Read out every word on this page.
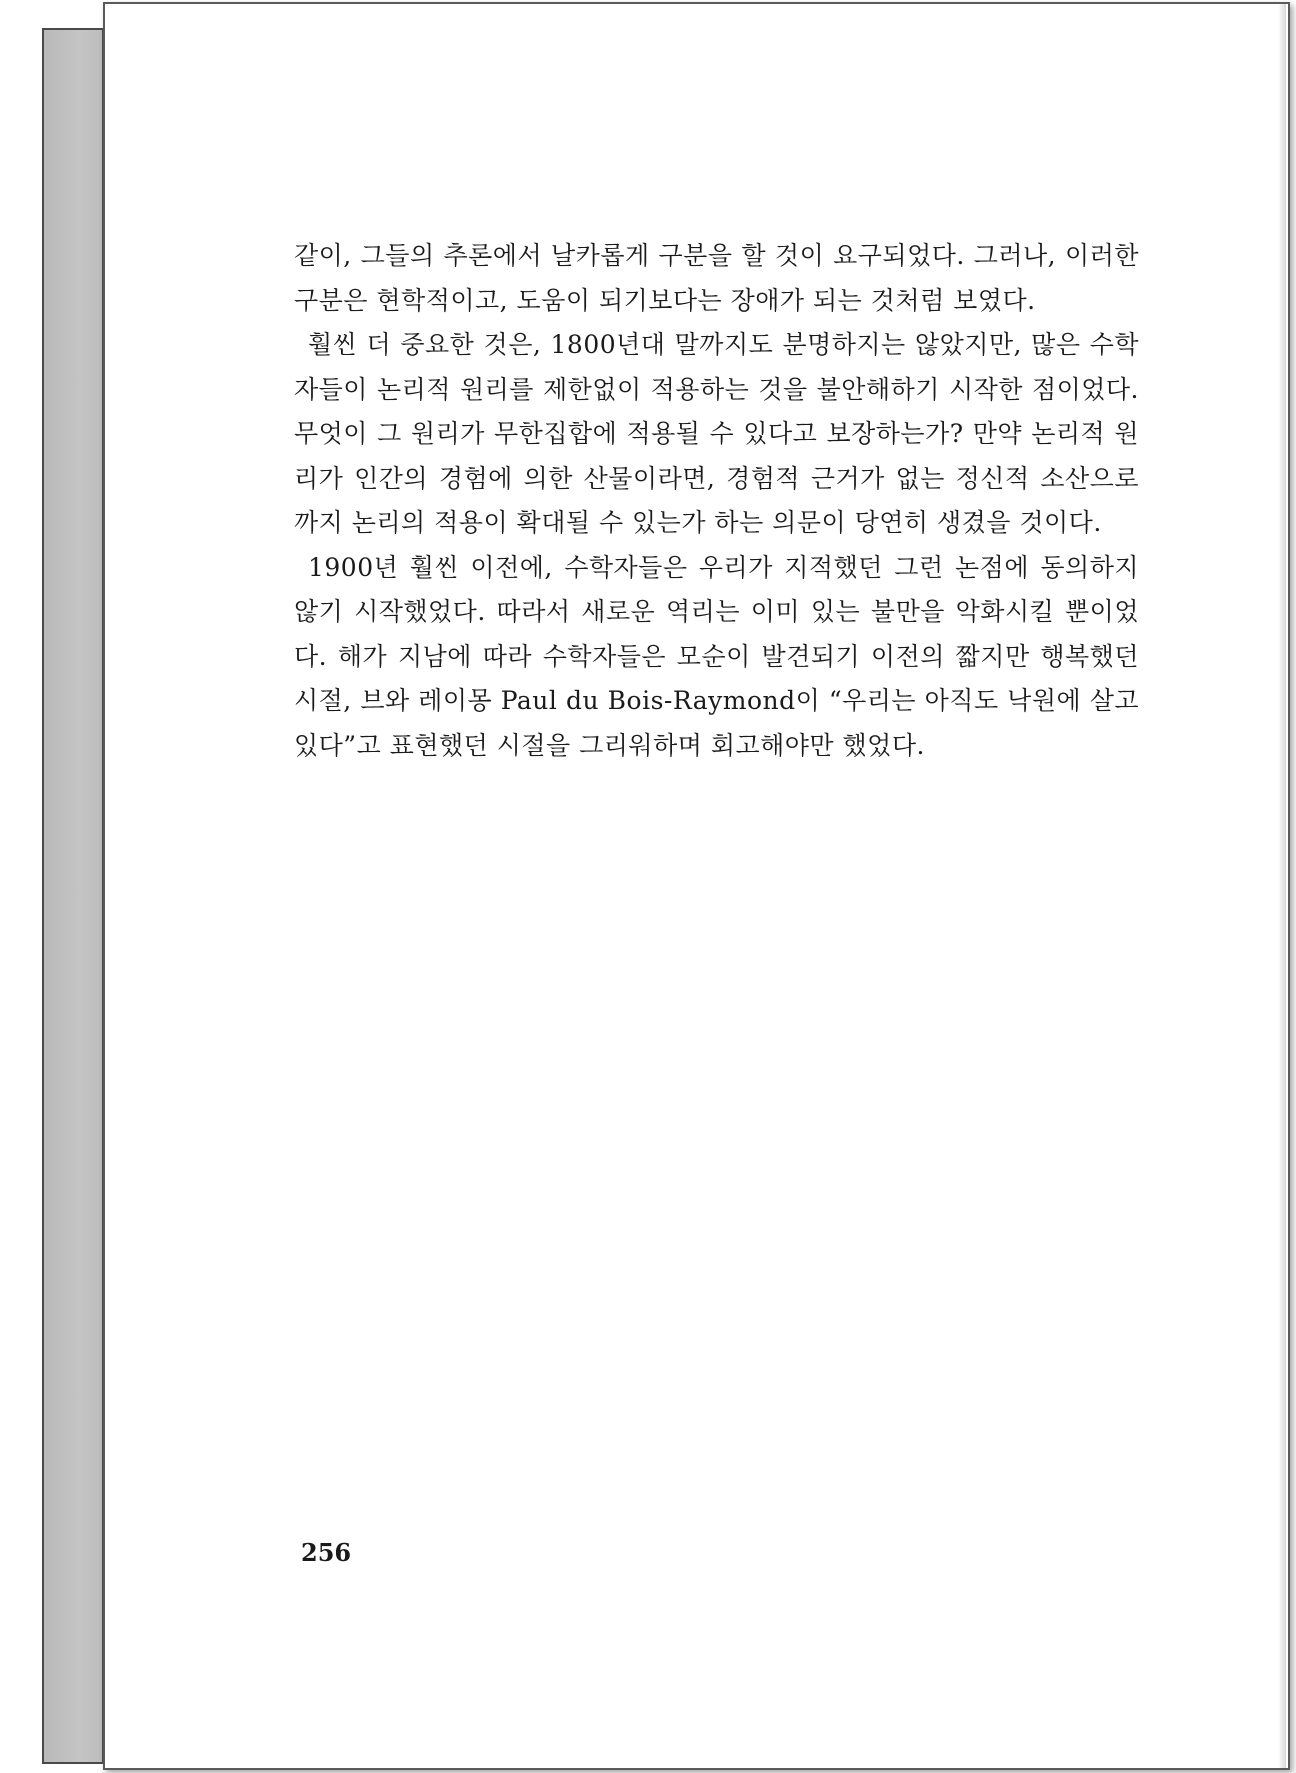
같이, 그들의 추론에서 날카롭게 구분을 할 것이 요구되었다. 그러나, 이러한 구분은 현학적이고, 도움이 되기보다는 장애가 되는 것처럼 보였다.

훨씬 더 중요한 것은, 1800년대 말까지도 분명하지는 않았지만, 많은 수학자들이 논리적 원리를 제한없이 적용하는 것을 불안해하기 시작한 점이었다. 무엇이 그 원리가 무한집합에 적용될 수 있다고 보장하는가? 만약 논리적 원리가 인간의 경험에 의한 산물이라면, 경험적 근거가 없는 정신적 소산으로까지 논리의 적용이 확대될 수 있는가 하는 의문이 당연히 생겼을 것이다.

1900년 훨씬 이전에, 수학자들은 우리가 지적했던 그런 논점에 동의하지 않기 시작했었다. 따라서 새로운 역리는 이미 있는 불만을 악화시킬 뿐이었다. 해가 지남에 따라 수학자들은 모순이 발견되기 이전의 짧지만 행복했던 시절, 브와 레이몽 Paul du Bois-Raymond이 “우리는 아직도 낙원에 살고 있다”고 표현했던 시절을 그리워하며 회고해야만 했었다.

256
